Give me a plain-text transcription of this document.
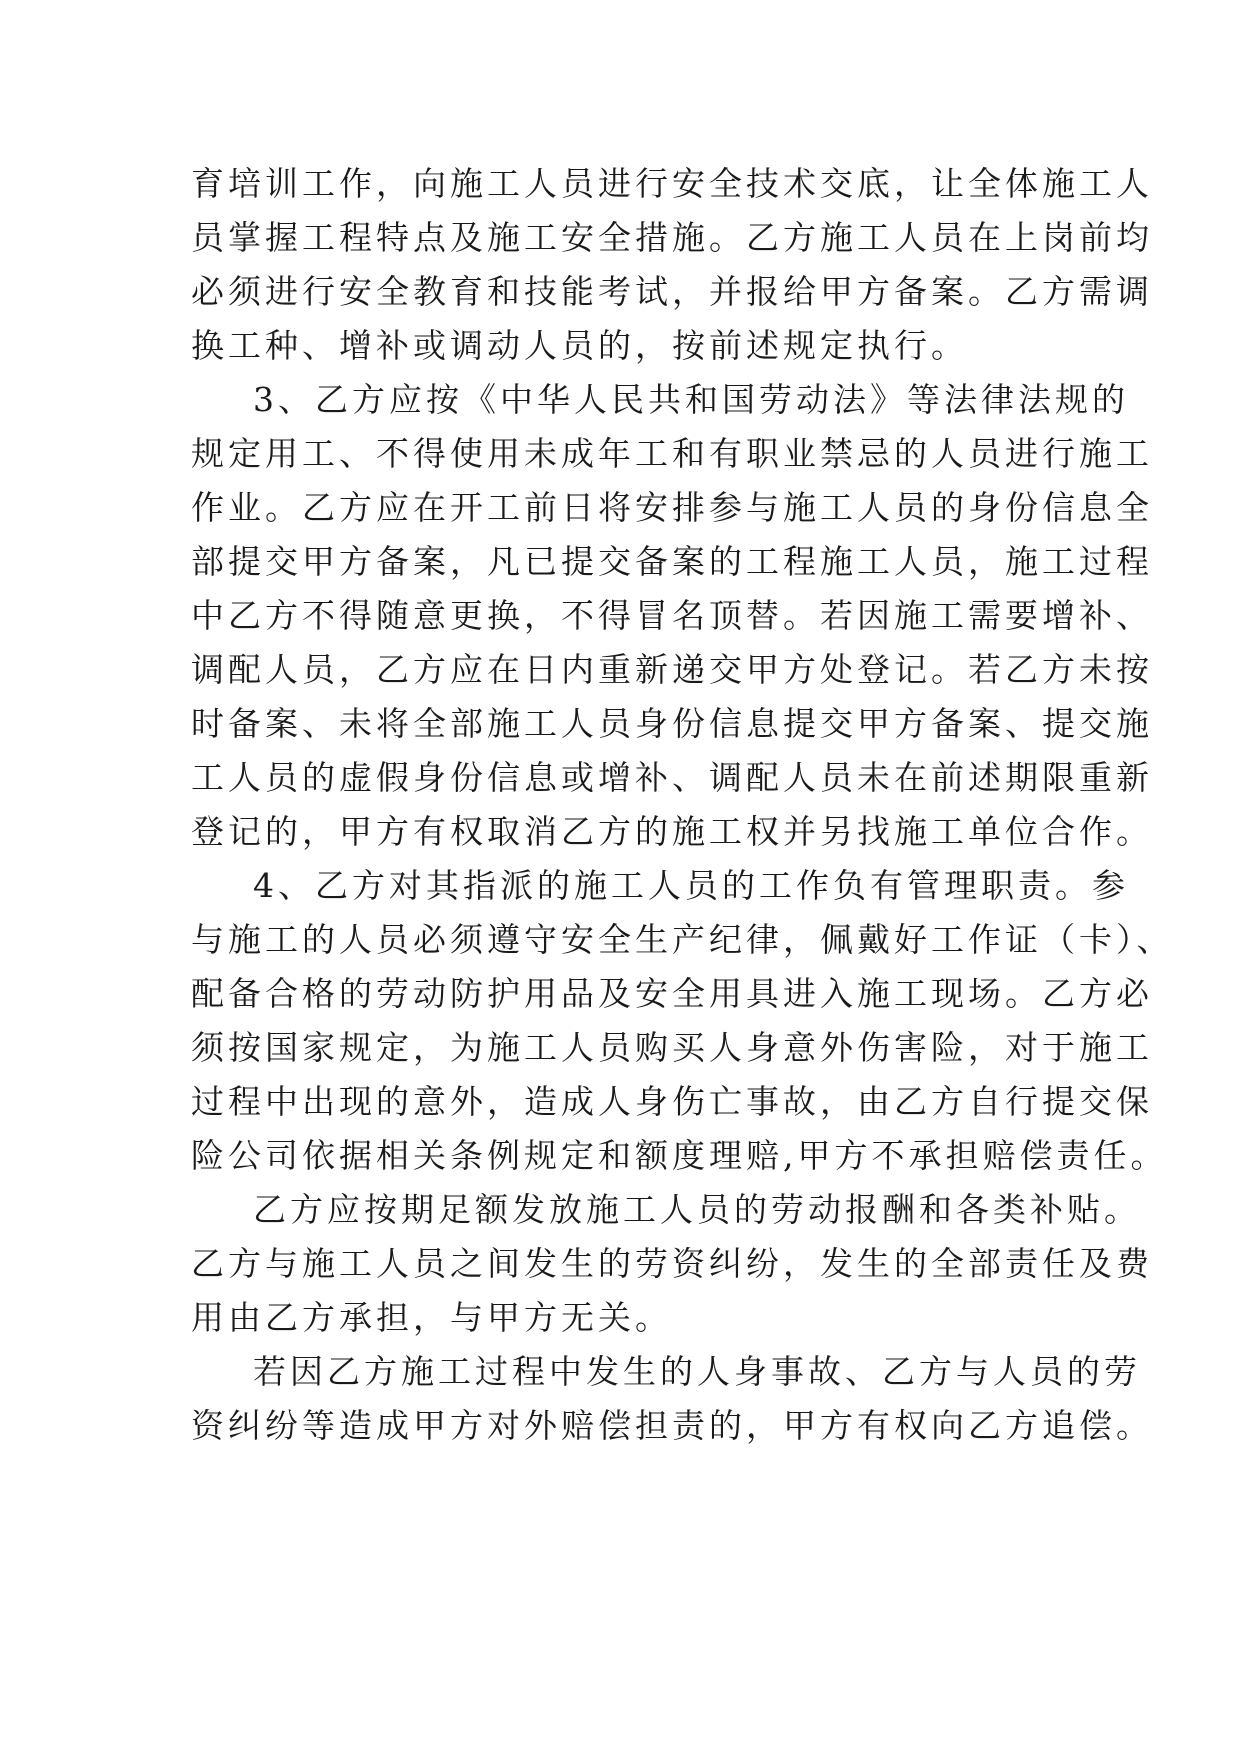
育培训工作，向施工人员进行安全技术交底，让全体施工人
员掌握工程特点及施工安全措施。乙方施工人员在上岗前均
必须进行安全教育和技能考试，并报给甲方备案。乙方需调
换工种、增补或调动人员的，按前述规定执行。
3、乙方应按《中华人民共和国劳动法》等法律法规的
规定用工、不得使用未成年工和有职业禁忌的人员进行施工
作业。乙方应在开工前日将安排参与施工人员的身份信息全
部提交甲方备案，凡已提交备案的工程施工人员，施工过程
中乙方不得随意更换，不得冒名顶替。若因施工需要增补、
调配人员，乙方应在日内重新递交甲方处登记。若乙方未按
时备案、未将全部施工人员身份信息提交甲方备案、提交施
工人员的虚假身份信息或增补、调配人员未在前述期限重新
登记的，甲方有权取消乙方的施工权并另找施工单位合作。
4、乙方对其指派的施工人员的工作负有管理职责。参
与施工的人员必须遵守安全生产纪律，佩戴好工作证（卡）、
配备合格的劳动防护用品及安全用具进入施工现场。乙方必
须按国家规定，为施工人员购买人身意外伤害险，对于施工
过程中出现的意外，造成人身伤亡事故，由乙方自行提交保
险公司依据相关条例规定和额度理赔,甲方不承担赔偿责任。
乙方应按期足额发放施工人员的劳动报酬和各类补贴。
乙方与施工人员之间发生的劳资纠纷，发生的全部责任及费
用由乙方承担，与甲方无关。
若因乙方施工过程中发生的人身事故、乙方与人员的劳
资纠纷等造成甲方对外赔偿担责的，甲方有权向乙方追偿。
